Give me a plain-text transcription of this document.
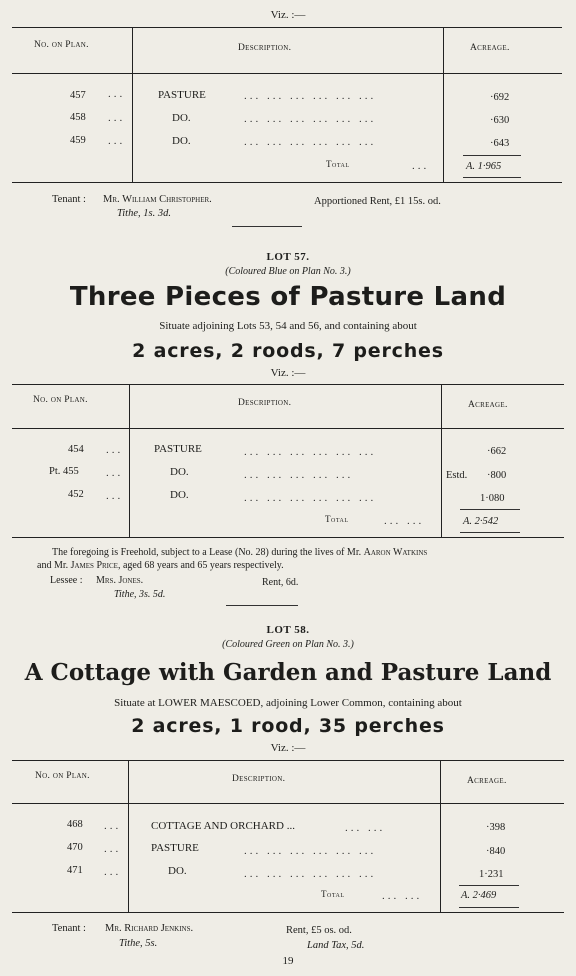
Viz. :—
No. on Plan.	Description.	Acreage.
457 ...	PASTURE	... ... ... ... ... ...	·692
458 ...	DO.	... ... ... ... ... ...	·630
459 ...	DO.	... ... ... ... ... ...	·643
Total	...	A. 1·965
Tenant : Mr. William Christopher.	Apportioned Rent, £1 15s. od.
Tithe, 1s. 3d.
LOT 57.
(Coloured Blue on Plan No. 3.)
Three Pieces of Pasture Land
Situate adjoining Lots 53, 54 and 56, and containing about
2 acres, 2 roods, 7 perches
Viz. :—
No. on Plan.	Description.	Acreage.
454 ...	PASTURE	... ... ... ... ... ...	·662
Pt. 455 ...	DO.	... ... ... ... ...	Estd. ·800
452 ...	DO.	... ... ... ... ... ...	1·080
Total	... ...	A. 2·542
The foregoing is Freehold, subject to a Lease (No. 28) during the lives of Mr. Aaron Watkins
and Mr. James Price, aged 68 years and 65 years respectively.
Lessee : Mrs. Jones.	Rent, 6d.
Tithe, 3s. 5d.
LOT 58.
(Coloured Green on Plan No. 3.)
A Cottage with Garden and Pasture Land
Situate at LOWER MAESCOED, adjoining Lower Common, containing about
2 acres, 1 rood, 35 perches
Viz. :—
No. on Plan.	Description.	Acreage.
468 ...	COTTAGE AND ORCHARD ...	... ...	·398
470 ...	PASTURE	... ... ... ... ... ...	·840
471 ...	DO.	... ... ... ... ... ...	1·231
Total	... ...	A. 2·469
Tenant : Mr. Richard Jenkins.	Rent, £5 os. od.
Tithe, 5s.	Land Tax, 5d.
19
